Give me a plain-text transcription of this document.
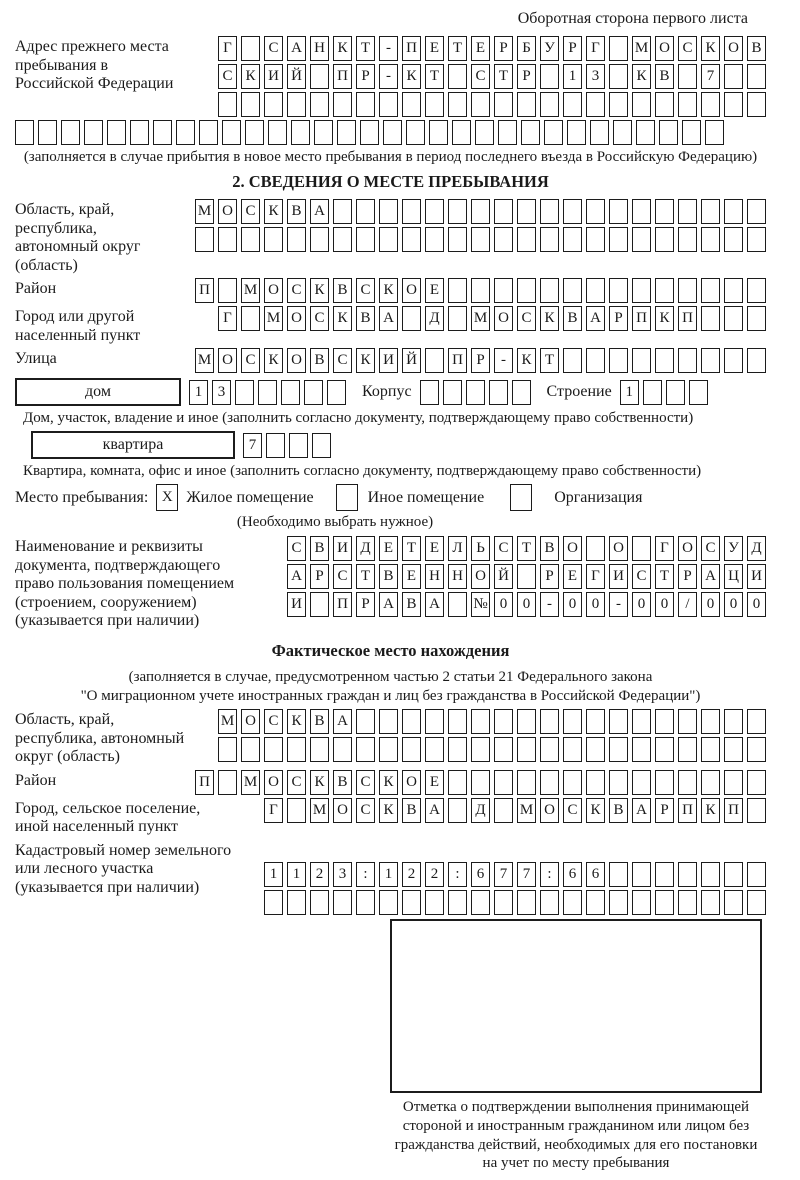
Оборотная сторона первого листа
Адрес прежнего места пребывания в Российской Федерации
Г	С А Н К Т	-	П Е Т Е Р Б У Р Г	М О С К О В
С К И Й П Р	-	К Т	С Т Р	1	3	К В	7
(заполняется в случае прибытия в новое место пребывания в период последнего въезда в Российскую Федерацию)
2. СВЕДЕНИЯ О МЕСТЕ ПРЕБЫВАНИЯ
Область, край, республика, автономный округ (область)
М О С К В А
Район	П М О С К В С К О Е
Город или другой населенный пункт
Г	М О С К В А Д М О С К В А Р П К П
Улица	М О С К О В С К И Й П Р	-	К Т
дом	1	3	Корпус	Строение 1
Дом, участок, владение и иное (заполнить согласно документу, подтверждающему право собственности)
квартира	7
Квартира, комната, офис и иное (заполнить согласно документу, подтверждающему право собственности)
Место пребывания: X Жилое помещение	Иное помещение	Организация
(Необходимо выбрать нужное)
Наименование и реквизиты документа, подтверждающего право пользования помещением (строением, сооружением) (указывается при наличии)
С В И Д Е Т Е Л Ь С Т В О О	Г О С У Д
А Р С Т В Е Н Н О Й	Р Е Г И С Т Р А Ц И
И П Р А В А № 0	0	-	0	0	-	0	0	/	0	0	0
Фактическое место нахождения
(заполняется в случае, предусмотренном частью 2 статьи 21 Федерального закона
"О миграционном учете иностранных граждан и лиц без гражданства в Российской Федерации")
Область, край, республика, автономный округ (область)
М О С К В А
Район	П М О С К В С К О Е
Город, сельское поселение, иной населенный пункт
Г	М О С К В А Д М О С К В А Р П К П
Кадастровый номер земельного или лесного участка (указывается при наличии)
1	1	2	3	:	1	2	2	:	6	7	7	:	6	6
Отметка о подтверждении выполнения принимающей стороной и иностранным гражданином или лицом без гражданства действий, необходимых для его постановки на учет по месту пребывания
